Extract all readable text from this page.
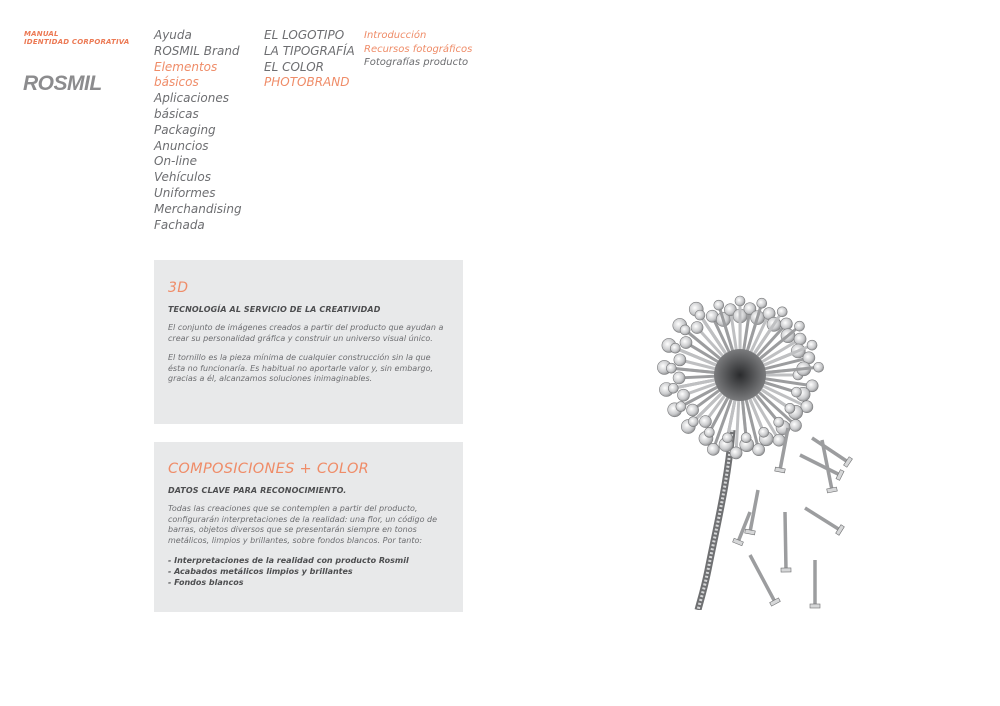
MANUAL
IDENTIDAD CORPORATIVA
ROSMIL
Ayuda
ROSMIL Brand
Elementos básicos
Aplicaciones básicas
Packaging
Anuncios
On-line
Vehículos
Uniformes
Merchandising
Fachada
EL LOGOTIPO
LA TIPOGRAFÍA
EL COLOR
PHOTOBRAND
Introducción
Recursos fotográficos
Fotografías producto
3D
TECNOLOGÍA AL SERVICIO DE LA CREATIVIDAD

El conjunto de imágenes creados a partir del producto que ayudan a crear su personalidad gráfica y construir un universo visual único.

El tornillo es la pieza mínima de cualquier construcción sin la que ésta no funcionaría. Es habitual no aportarle valor y, sin embargo, gracias a él, alcanzamos soluciones inimaginables.

COMPOSICIONES + COLOR
DATOS CLAVE PARA RECONOCIMIENTO.

Todas las creaciones que se contemplen a partir del producto, configurarán interpretaciones de la realidad: una flor, un código de barras, objetos diversos que se presentarán siempre en tonos metálicos, limpios y brillantes, sobre fondos blancos. Por tanto:

- Interpretaciones de la realidad con producto Rosmil
- Acabados metálicos limpios y brillantes
- Fondos blancos
